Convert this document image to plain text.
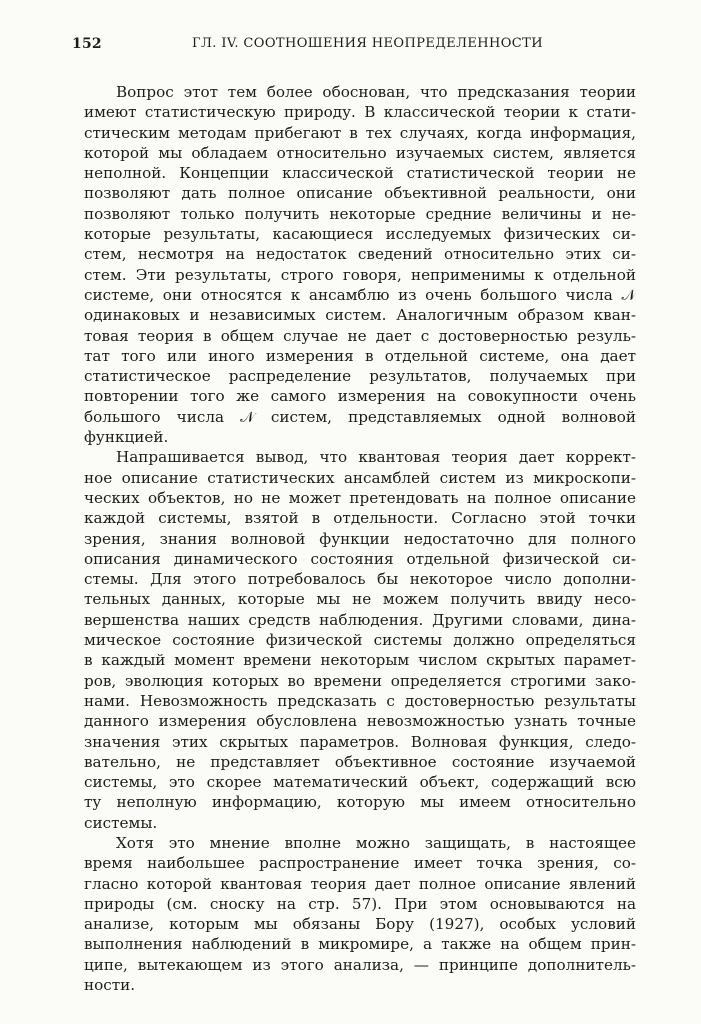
152	ГЛ. IV. СООТНОШЕНИЯ НЕОПРЕДЕЛЕННОСТИ
Вопрос этот тем более обоснован, что предсказания теории
имеют статистическую природу. В классической теории к стати-
стическим методам прибегают в тех случаях, когда информация,
которой мы обладаем относительно изучаемых систем, является
неполной. Концепции классической статистической теории не
позволяют дать полное описание объективной реальности, они
позволяют только получить некоторые средние величины и не-
которые результаты, касающиеся исследуемых физических си-
стем, несмотря на недостаток сведений относительно этих си-
стем. Эти результаты, строго говоря, неприменимы к отдельной
системе, они относятся к ансамблю из очень большого числа 𝒩
одинаковых и независимых систем. Аналогичным образом кван-
товая теория в общем случае не дает с достоверностью резуль-
тат того или иного измерения в отдельной системе, она дает
статистическое распределение результатов, получаемых при
повторении того же самого измерения на совокупности очень
большого числа 𝒩 систем, представляемых одной волновой
функцией.
Напрашивается вывод, что квантовая теория дает коррект-
ное описание статистических ансамблей систем из микроскопи-
ческих объектов, но не может претендовать на полное описание
каждой системы, взятой в отдельности. Согласно этой точки
зрения, знания волновой функции недостаточно для полного
описания динамического состояния отдельной физической си-
стемы. Для этого потребовалось бы некоторое число дополни-
тельных данных, которые мы не можем получить ввиду несо-
вершенства наших средств наблюдения. Другими словами, дина-
мическое состояние физической системы должно определяться
в каждый момент времени некоторым числом скрытых парамет-
ров, эволюция которых во времени определяется строгими зако-
нами. Невозможность предсказать с достоверностью результаты
данного измерения обусловлена невозможностью узнать точные
значения этих скрытых параметров. Волновая функция, следо-
вательно, не представляет объективное состояние изучаемой
системы, это скорее математический объект, содержащий всю
ту неполную информацию, которую мы имеем относительно
системы.
Хотя это мнение вполне можно защищать, в настоящее
время наибольшее распространение имеет точка зрения, со-
гласно которой квантовая теория дает полное описание явлений
природы (см. сноску на стр. 57). При этом основываются на
анализе, которым мы обязаны Бору (1927), особых условий
выполнения наблюдений в микромире, а также на общем прин-
ципе, вытекающем из этого анализа, — принципе дополнитель-
ности.
